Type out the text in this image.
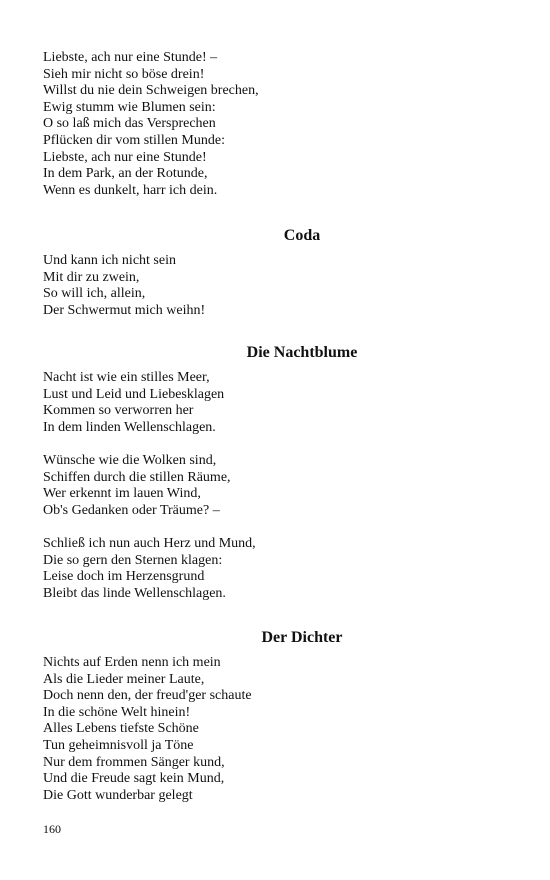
Liebste, ach nur eine Stunde! –
Sieh mir nicht so böse drein!
Willst du nie dein Schweigen brechen,
Ewig stumm wie Blumen sein:
O so laß mich das Versprechen
Pflücken dir vom stillen Munde:
Liebste, ach nur eine Stunde!
In dem Park, an der Rotunde,
Wenn es dunkelt, harr ich dein.
Coda
Und kann ich nicht sein
Mit dir zu zwein,
So will ich, allein,
Der Schwermut mich weihn!
Die Nachtblume
Nacht ist wie ein stilles Meer,
Lust und Leid und Liebesklagen
Kommen so verworren her
In dem linden Wellenschlagen.
Wünsche wie die Wolken sind,
Schiffen durch die stillen Räume,
Wer erkennt im lauen Wind,
Ob's Gedanken oder Träume? –
Schließ ich nun auch Herz und Mund,
Die so gern den Sternen klagen:
Leise doch im Herzensgrund
Bleibt das linde Wellenschlagen.
Der Dichter
Nichts auf Erden nenn ich mein
Als die Lieder meiner Laute,
Doch nenn den, der freud'ger schaute
In die schöne Welt hinein!
Alles Lebens tiefste Schöne
Tun geheimnisvoll ja Töne
Nur dem frommen Sänger kund,
Und die Freude sagt kein Mund,
Die Gott wunderbar gelegt
160
